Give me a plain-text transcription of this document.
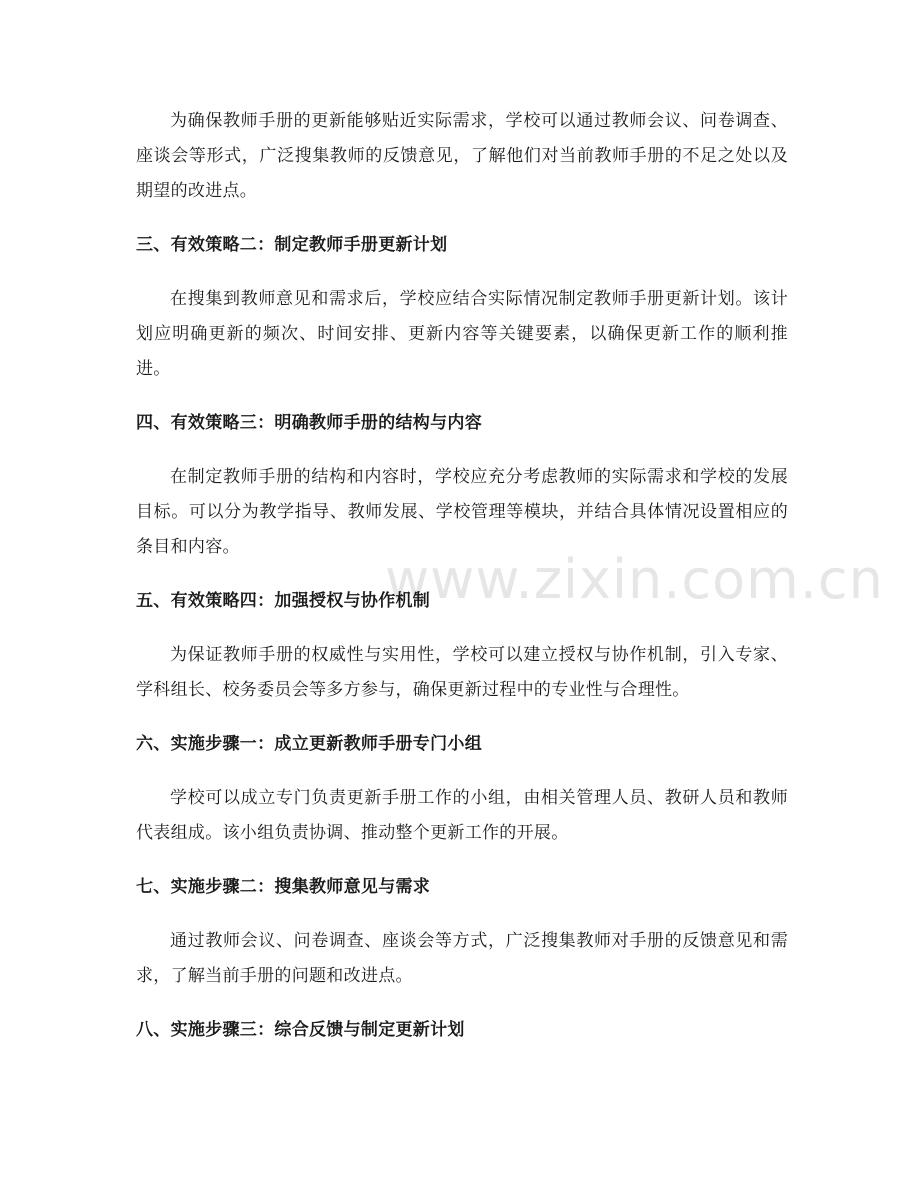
www.zixin.com.cn

为确保教师手册的更新能够贴近实际需求，学校可以通过教师会议、问卷调查、座谈会等形式，广泛搜集教师的反馈意见，了解他们对当前教师手册的不足之处以及期望的改进点。

三、有效策略二：制定教师手册更新计划

在搜集到教师意见和需求后，学校应结合实际情况制定教师手册更新计划。该计划应明确更新的频次、时间安排、更新内容等关键要素，以确保更新工作的顺利推进。

四、有效策略三：明确教师手册的结构与内容

在制定教师手册的结构和内容时，学校应充分考虑教师的实际需求和学校的发展目标。可以分为教学指导、教师发展、学校管理等模块，并结合具体情况设置相应的条目和内容。

五、有效策略四：加强授权与协作机制

为保证教师手册的权威性与实用性，学校可以建立授权与协作机制，引入专家、学科组长、校务委员会等多方参与，确保更新过程中的专业性与合理性。

六、实施步骤一：成立更新教师手册专门小组

学校可以成立专门负责更新手册工作的小组，由相关管理人员、教研人员和教师代表组成。该小组负责协调、推动整个更新工作的开展。

七、实施步骤二：搜集教师意见与需求

通过教师会议、问卷调查、座谈会等方式，广泛搜集教师对手册的反馈意见和需求，了解当前手册的问题和改进点。

八、实施步骤三：综合反馈与制定更新计划
